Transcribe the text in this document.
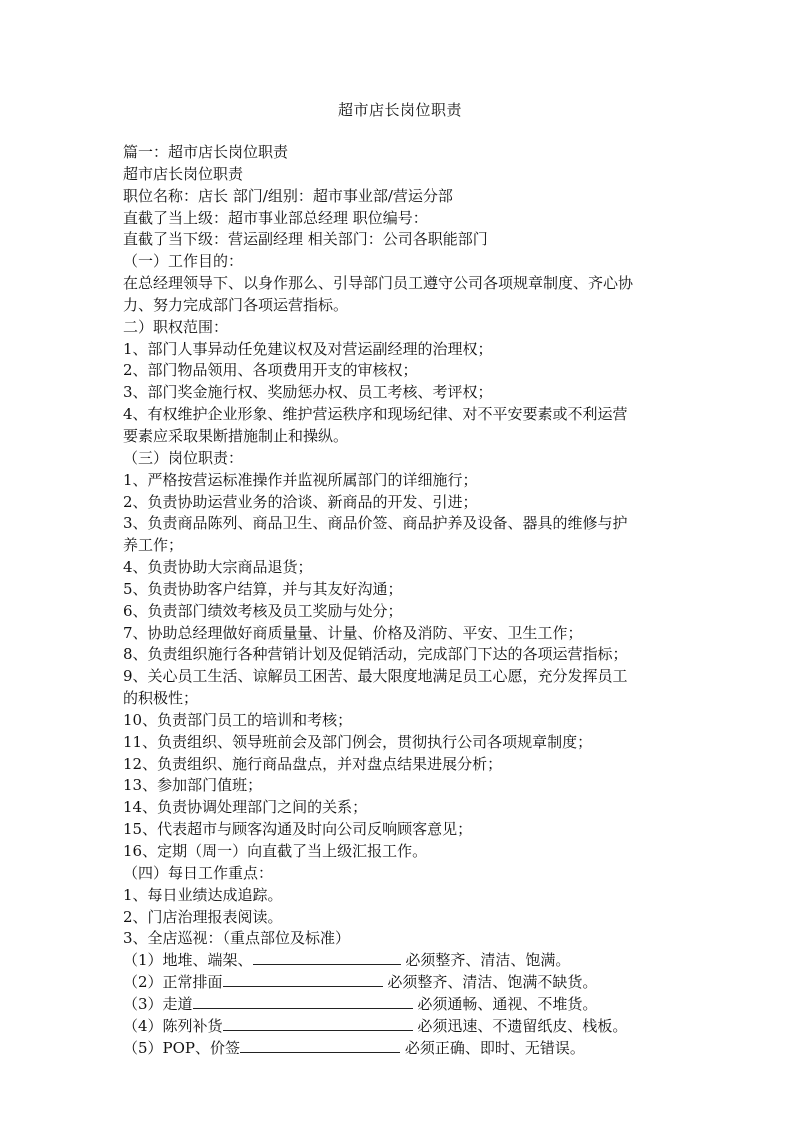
超市店长岗位职责
篇一：超市店长岗位职责
超市店长岗位职责
职位名称：店长 部门/组别：超市事业部/营运分部
直截了当上级：超市事业部总经理 职位编号：
直截了当下级：营运副经理 相关部门：公司各职能部门
（一）工作目的：
在总经理领导下、以身作那么、引导部门员工遵守公司各项规章制度、齐心协
力、努力完成部门各项运营指标。
二）职权范围：
1、部门人事异动任免建议权及对营运副经理的治理权；
2、部门物品领用、各项费用开支的审核权；
3、部门奖金施行权、奖励惩办权、员工考核、考评权；
4、有权维护企业形象、维护营运秩序和现场纪律、对不平安要素或不利运营
要素应采取果断措施制止和操纵。
（三）岗位职责：
1、严格按营运标准操作并监视所属部门的详细施行；
2、负责协助运营业务的洽谈、新商品的开发、引进；
3、负责商品陈列、商品卫生、商品价签、商品护养及设备、器具的维修与护
养工作；
4、负责协助大宗商品退货；
5、负责协助客户结算，并与其友好沟通；
6、负责部门绩效考核及员工奖励与处分；
7、协助总经理做好商质量量、计量、价格及消防、平安、卫生工作；
8、负责组织施行各种营销计划及促销活动，完成部门下达的各项运营指标；
9、关心员工生活、谅解员工困苦、最大限度地满足员工心愿，充分发挥员工
的积极性；
10、负责部门员工的培训和考核；
11、负责组织、领导班前会及部门例会，贯彻执行公司各项规章制度；
12、负责组织、施行商品盘点，并对盘点结果进展分析；
13、参加部门值班；
14、负责协调处理部门之间的关系；
15、代表超市与顾客沟通及时向公司反响顾客意见；
16、定期（周一）向直截了当上级汇报工作。
（四）每日工作重点：
1、每日业绩达成追踪。
2、门店治理报表阅读。
3、全店巡视：（重点部位及标准）
（1）地堆、端架、	必须整齐、清洁、饱满。
（2）正常排面	必须整齐、清洁、饱满不缺货。
（3）走道	必须通畅、通视、不堆货。
（4）陈列补货	必须迅速、不遗留纸皮、栈板。
（5）POP、价签	必须正确、即时、无错误。
